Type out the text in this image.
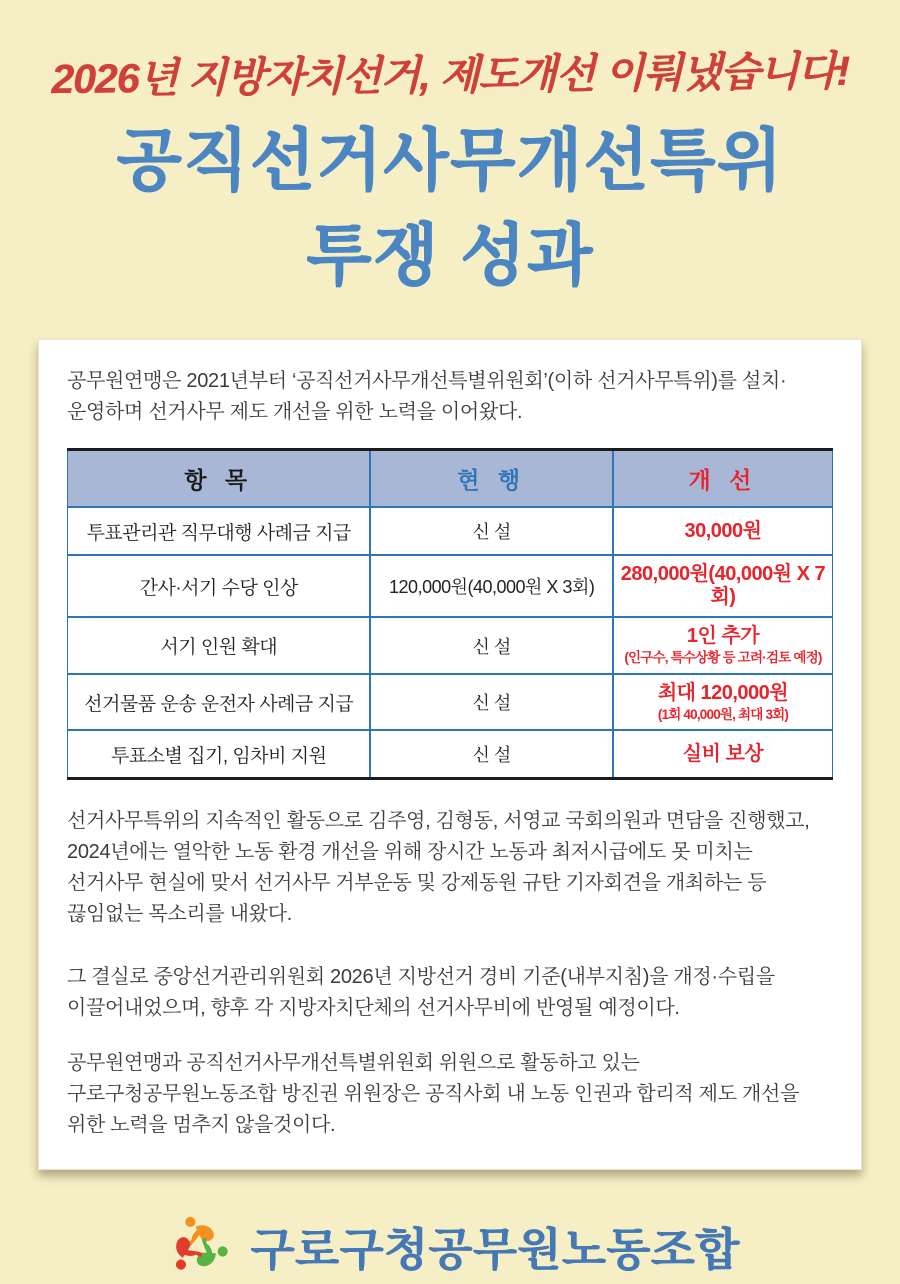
2026년 지방자치선거, 제도개선 이뤄냈습니다!
공직선거사무개선특위
투쟁 성과

공무원연맹은 2021년부터 ‘공직선거사무개선특별위원회’(이하 선거사무특위)를 설치·운영하며 선거사무 제도 개선을 위한 노력을 이어왔다.

항 목	현 행	개 선
투표관리관 직무대행 사례금 지급	신 설	30,000원

간사·서기 수당 인상	120,000원(40,000원 X 3회)	280,000원(40,000원 X 7회)

서기 인원 확대	신 설	1인 추가
(인구수, 특수상황 등 고려·검토 예정)

선거물품 운송 운전자 사례금 지급	신 설	최대 120,000원
(1회 40,000원, 최대 3회)

투표소별 집기, 임차비 지원	신 설	실비 보상

선거사무특위의 지속적인 활동으로 김주영, 김형동, 서영교 국회의원과 면담을 진행했고, 2024년에는 열악한 노동 환경 개선을 위해 장시간 노동과 최저시급에도 못 미치는 선거사무 현실에 맞서 선거사무 거부운동 및 강제동원 규탄 기자회견을 개최하는 등 끊임없는 목소리를 내왔다.

그 결실로 중앙선거관리위원회 2026년 지방선거 경비 기준(내부지침)을 개정·수립을 이끌어내었으며, 향후 각 지방자치단체의 선거사무비에 반영될 예정이다.

공무원연맹과 공직선거사무개선특별위원회 위원으로 활동하고 있는 구로구청공무원노동조합 방진권 위원장은 공직사회 내 노동 인권과 합리적 제도 개선을 위한 노력을 멈추지 않을것이다.

구로구청공무원노동조합
